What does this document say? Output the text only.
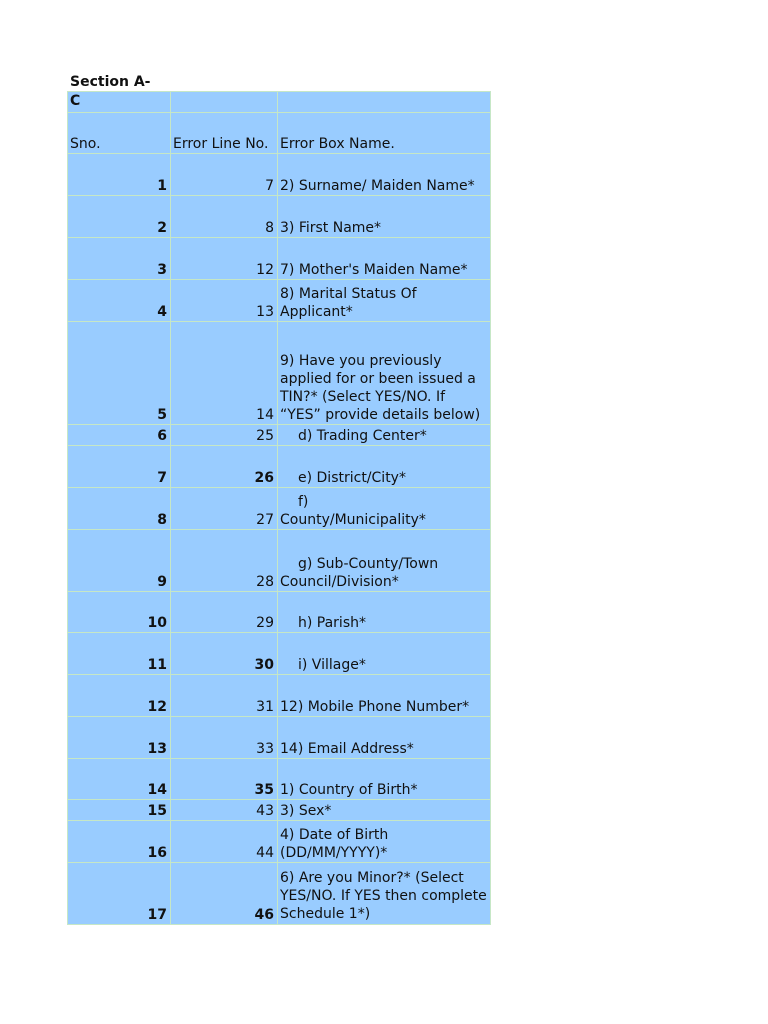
Section A-
C		
Sno.	Error Line No.	Error Box Name.
1	7	2) Surname/ Maiden Name*
2	8	3) First Name*
3	12	7) Mother's Maiden Name*
4	13	8) Marital Status Of Applicant*
5	14	9) Have you previously applied for or been issued a TIN?* (Select YES/NO. If “YES” provide details below)
6	25	d) Trading Center*
7	26	e) District/City*
8	27	f)
County/Municipality*
9	28	g) Sub-County/Town
Council/Division*
10	29	h) Parish*
11	30	i) Village*
12	31	12) Mobile Phone Number*
13	33	14) Email Address*
14	35	1) Country of Birth*
15	43	3) Sex*
16	44	4) Date of Birth (DD/MM/YYYY)*
17	46	6) Are you Minor?* (Select YES/NO. If YES then complete Schedule 1*)
